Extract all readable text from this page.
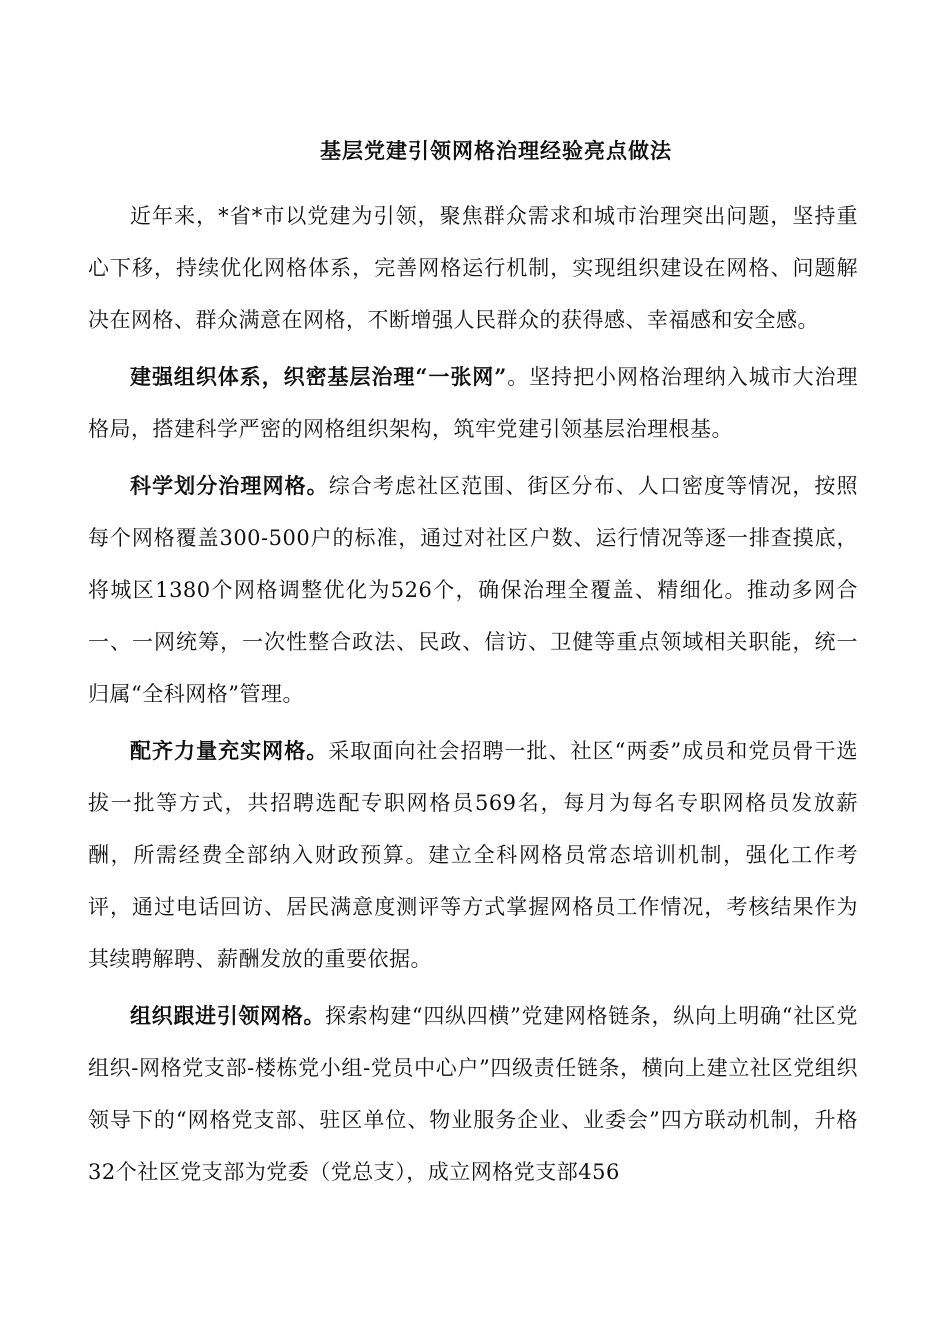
基层党建引领网格治理经验亮点做法

近年来，*省*市以党建为引领，聚焦群众需求和城市治理突出问题，坚持重心下移，持续优化网格体系，完善网格运行机制，实现组织建设在网格、问题解决在网格、群众满意在网格，不断增强人民群众的获得感、幸福感和安全感。

建强组织体系，织密基层治理“一张网”。坚持把小网格治理纳入城市大治理格局，搭建科学严密的网格组织架构，筑牢党建引领基层治理根基。

科学划分治理网格。综合考虑社区范围、街区分布、人口密度等情况，按照每个网格覆盖300-500户的标准，通过对社区户数、运行情况等逐一排查摸底，将城区1380个网格调整优化为526个，确保治理全覆盖、精细化。推动多网合一、一网统筹，一次性整合政法、民政、信访、卫健等重点领域相关职能，统一归属“全科网格”管理。

配齐力量充实网格。采取面向社会招聘一批、社区“两委”成员和党员骨干选拔一批等方式，共招聘选配专职网格员569名，每月为每名专职网格员发放薪酬，所需经费全部纳入财政预算。建立全科网格员常态培训机制，强化工作考评，通过电话回访、居民满意度测评等方式掌握网格员工作情况，考核结果作为其续聘解聘、薪酬发放的重要依据。

组织跟进引领网格。探索构建“四纵四横”党建网格链条，纵向上明确“社区党组织-网格党支部-楼栋党小组-党员中心户”四级责任链条，横向上建立社区党组织领导下的“网格党支部、驻区单位、物业服务企业、业委会”四方联动机制，升格32个社区党支部为党委（党总支），成立网格党支部456
